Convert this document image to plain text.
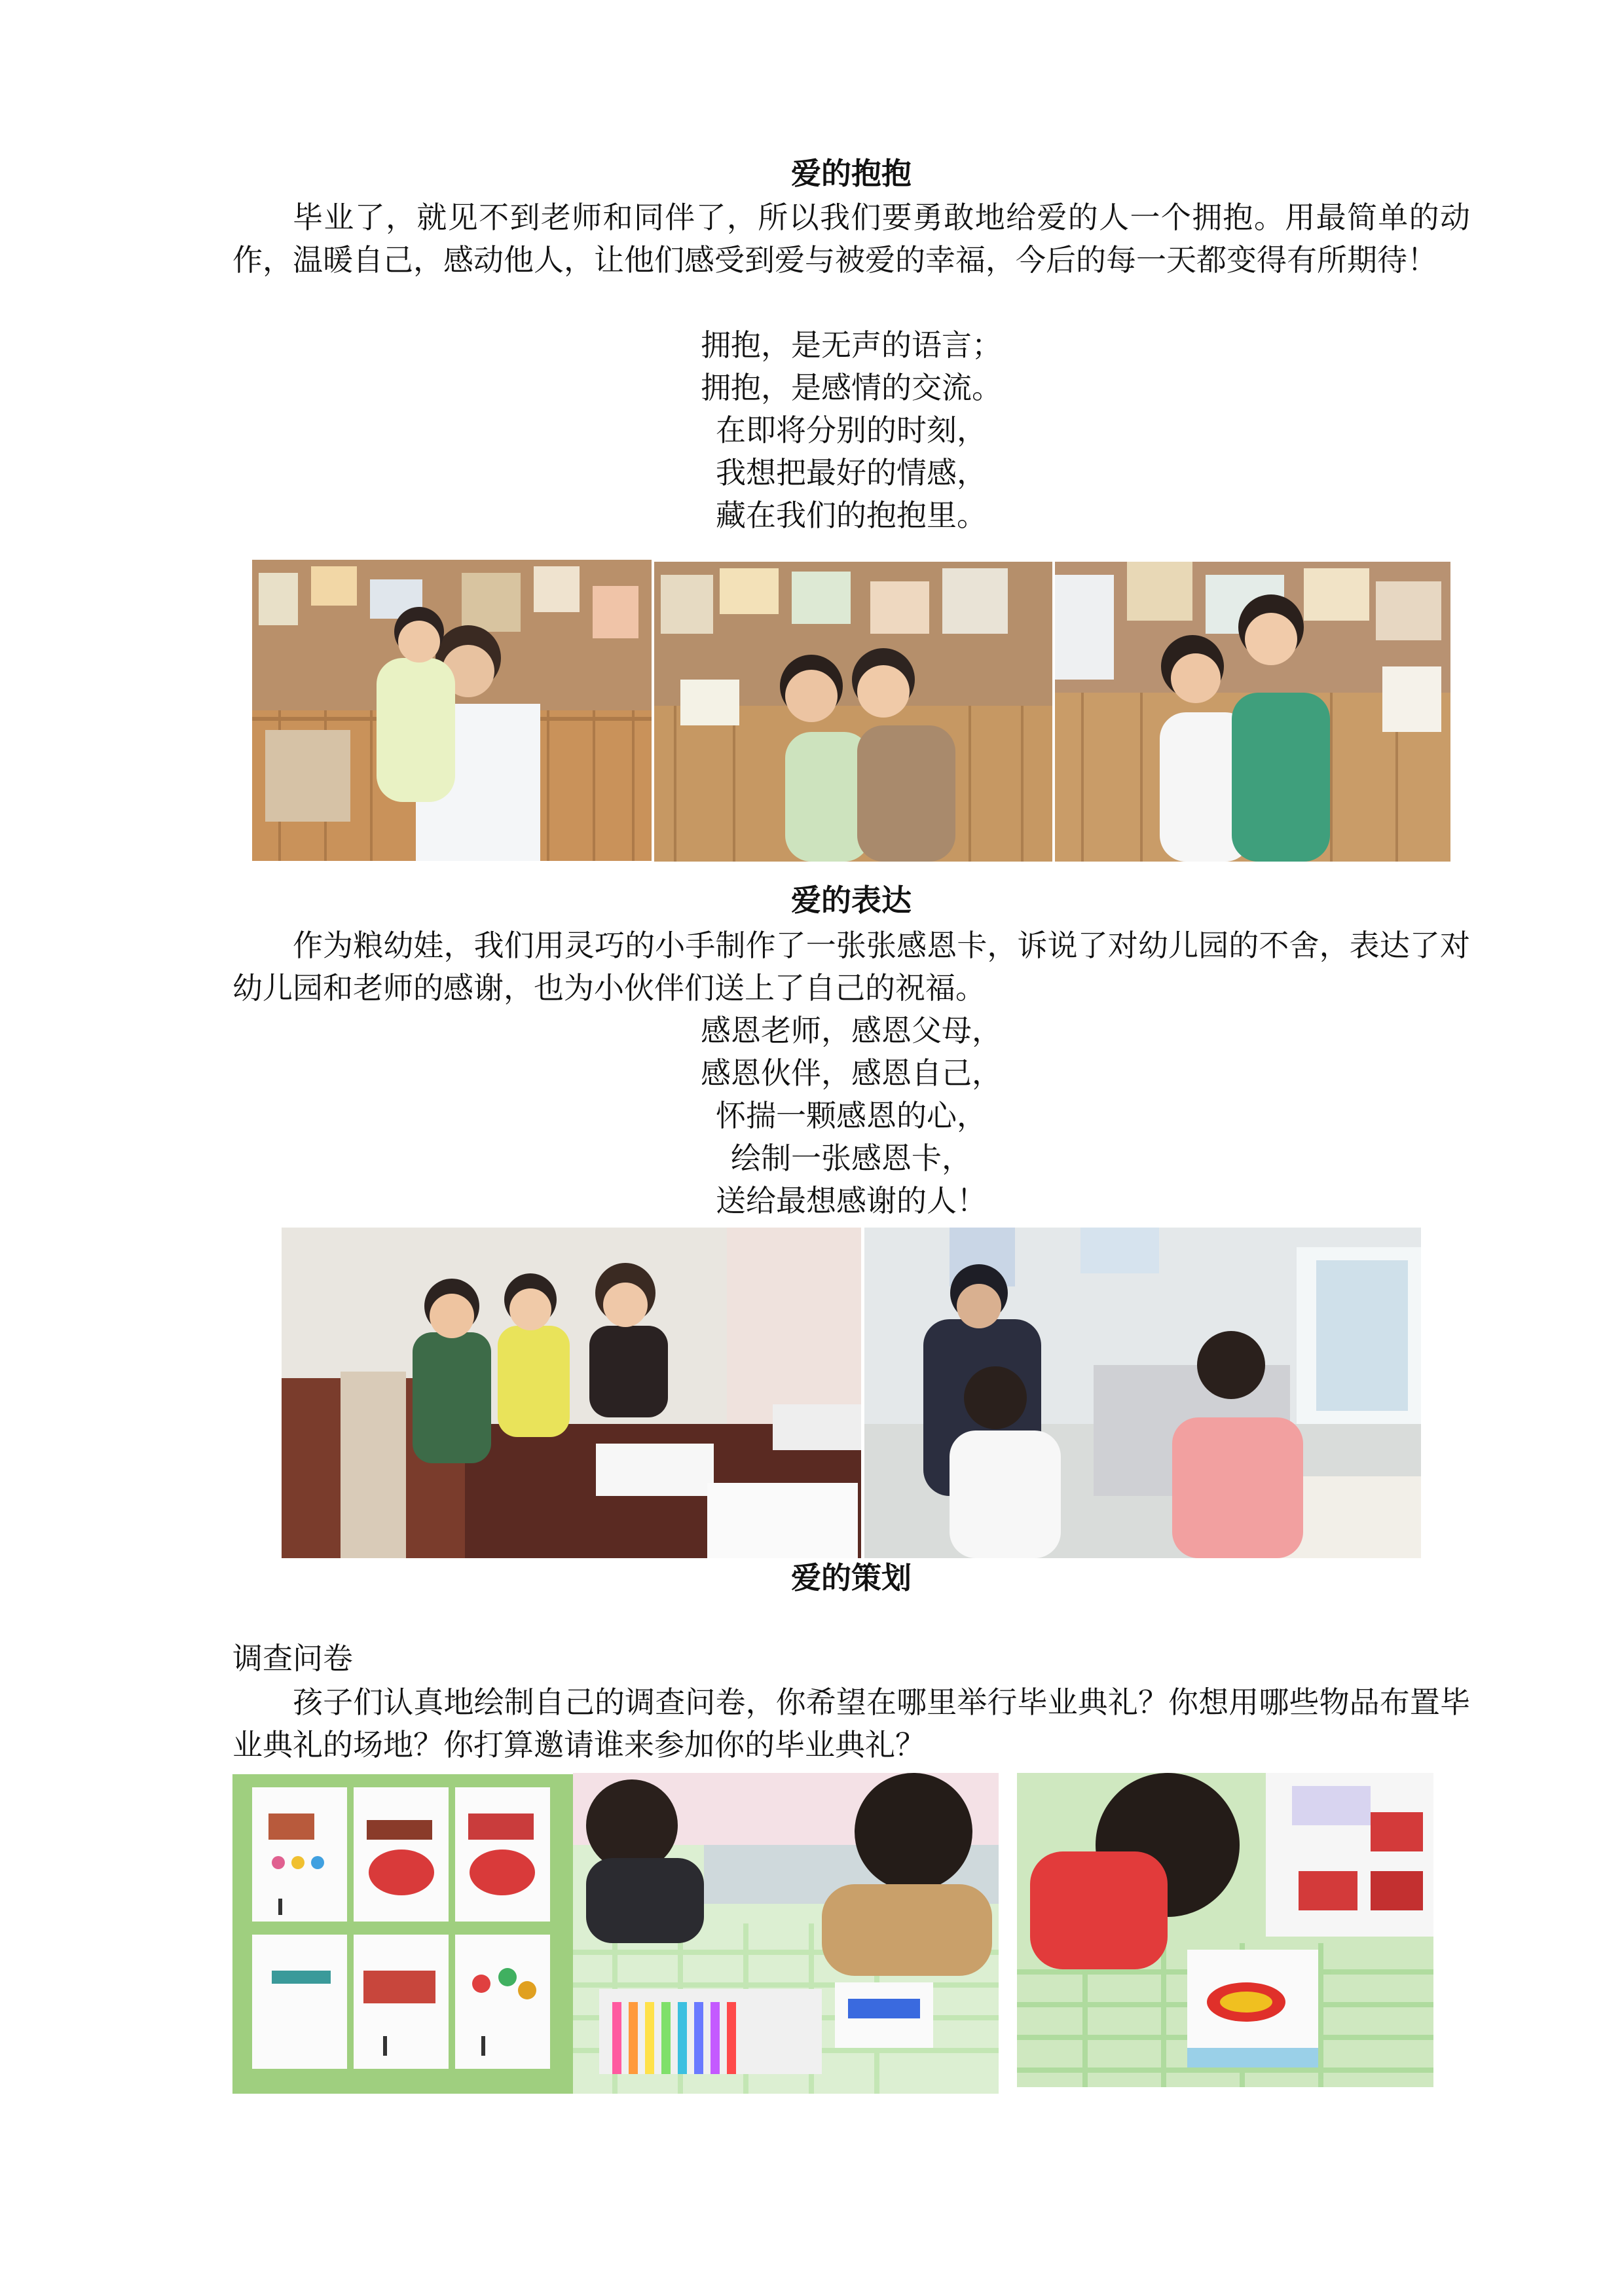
爱的抱抱

毕业了，就见不到老师和同伴了，所以我们要勇敢地给爱的人一个拥抱。用最简单的动作，温暖自己，感动他人，让他们感受到爱与被爱的幸福，今后的每一天都变得有所期待！

拥抱，是无声的语言；
拥抱，是感情的交流。
在即将分别的时刻，
我想把最好的情感，
藏在我们的抱抱里。
爱的表达

作为粮幼娃，我们用灵巧的小手制作了一张张感恩卡，诉说了对幼儿园的不舍，表达了对幼儿园和老师的感谢，也为小伙伴们送上了自己的祝福。

感恩老师，感恩父母，
感恩伙伴，感恩自己，
怀揣一颗感恩的心，
绘制一张感恩卡，
送给最想感谢的人！
爱的策划
调查问卷

孩子们认真地绘制自己的调查问卷，你希望在哪里举行毕业典礼？你想用哪些物品布置毕业典礼的场地？你打算邀请谁来参加你的毕业典礼？
